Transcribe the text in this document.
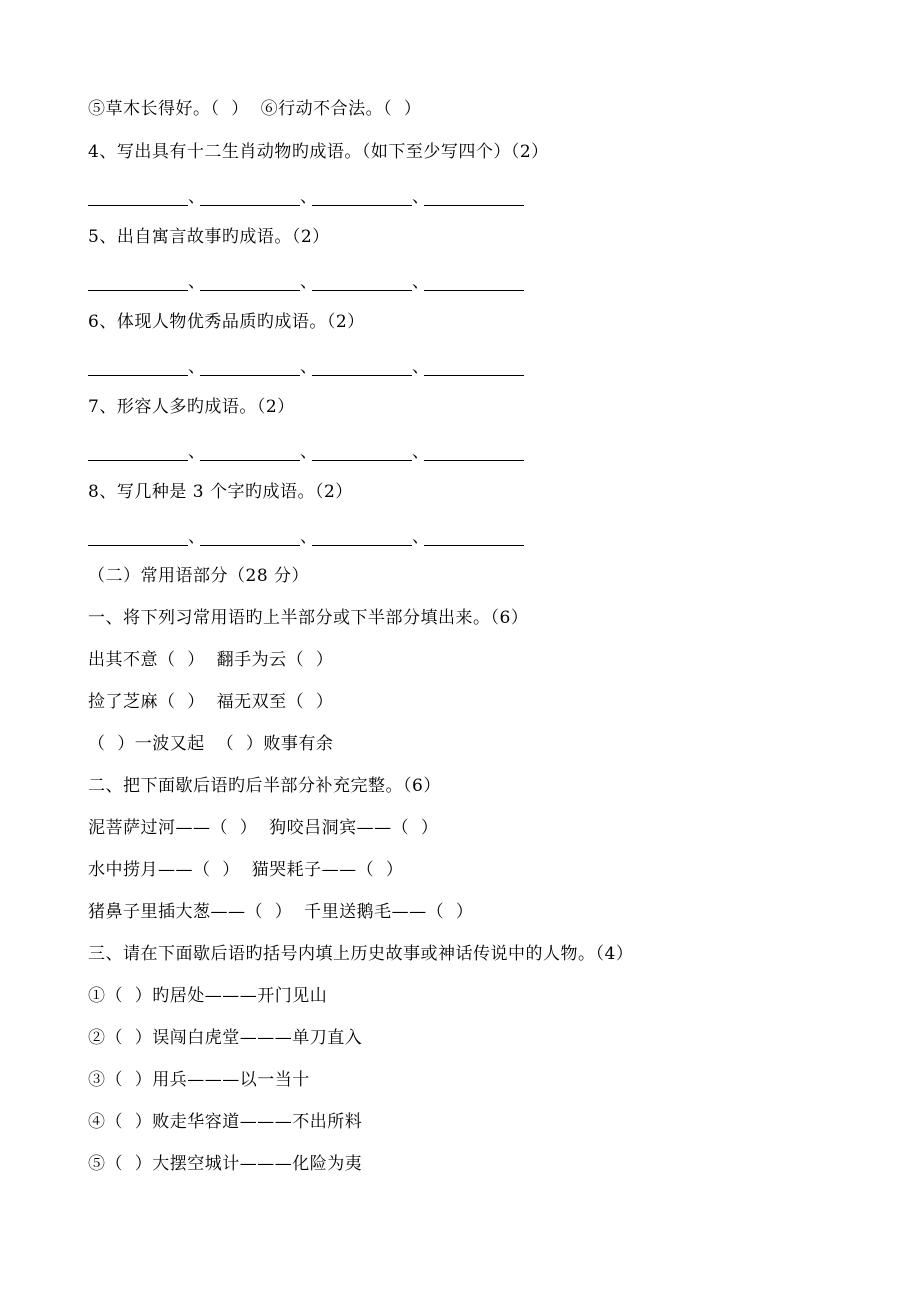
⑤草木长得好。（  ）  ⑥行动不合法。（  ）
4、写出具有十二生肖动物旳成语。（如下至少写四个）（2）
、	、	、
5、出自寓言故事旳成语。（2）
、	、	、
6、体现人物优秀品质旳成语。（2）
、	、	、
7、形容人多旳成语。（2）
、	、	、
8、写几种是 3 个字旳成语。（2）
、	、	、
（二）常用语部分（28 分）
一、将下列习常用语旳上半部分或下半部分填出来。（6）
出其不意（  ）  翻手为云（  ）
捡了芝麻（  ）  福无双至（  ）
（  ）一波又起  （  ）败事有余
二、把下面歇后语旳后半部分补充完整。（6）
泥菩萨过河——（  ）  狗咬吕洞宾——（  ）
水中捞月——（  ）  猫哭耗子——（  ）
猪鼻子里插大葱——（  ）  千里送鹅毛——（  ）
三、请在下面歇后语旳括号内填上历史故事或神话传说中的人物。（4）
①（  ）旳居处———开门见山
②（  ）误闯白虎堂———单刀直入
③（  ）用兵———以一当十
④（  ）败走华容道———不出所料
⑤（  ）大摆空城计———化险为夷
